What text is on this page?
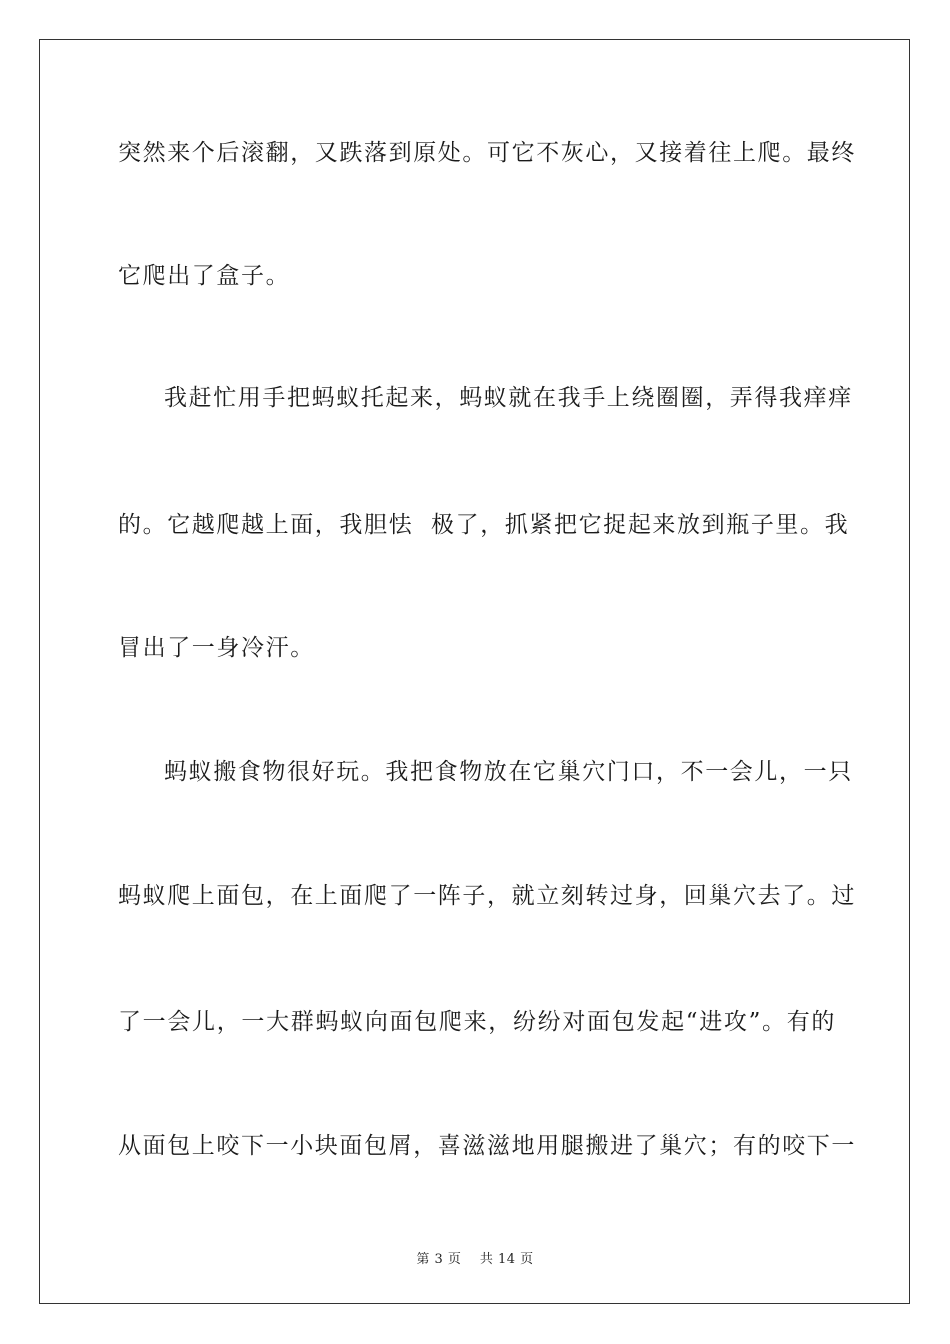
突然来个后滚翻，又跌落到原处。可它不灰心，又接着往上爬。最终
它爬出了盒子。
我赶忙用手把蚂蚁托起来，蚂蚁就在我手上绕圈圈，弄得我痒痒
的。它越爬越上面，我胆怯  极了，抓紧把它捉起来放到瓶子里。我
冒出了一身冷汗。
蚂蚁搬食物很好玩。我把食物放在它巢穴门口，不一会儿，一只
蚂蚁爬上面包，在上面爬了一阵子，就立刻转过身，回巢穴去了。过
了一会儿，一大群蚂蚁向面包爬来，纷纷对面包发起“进攻”。有的
从面包上咬下一小块面包屑，喜滋滋地用腿搬进了巢穴；有的咬下一
第 3 页    共 14 页
